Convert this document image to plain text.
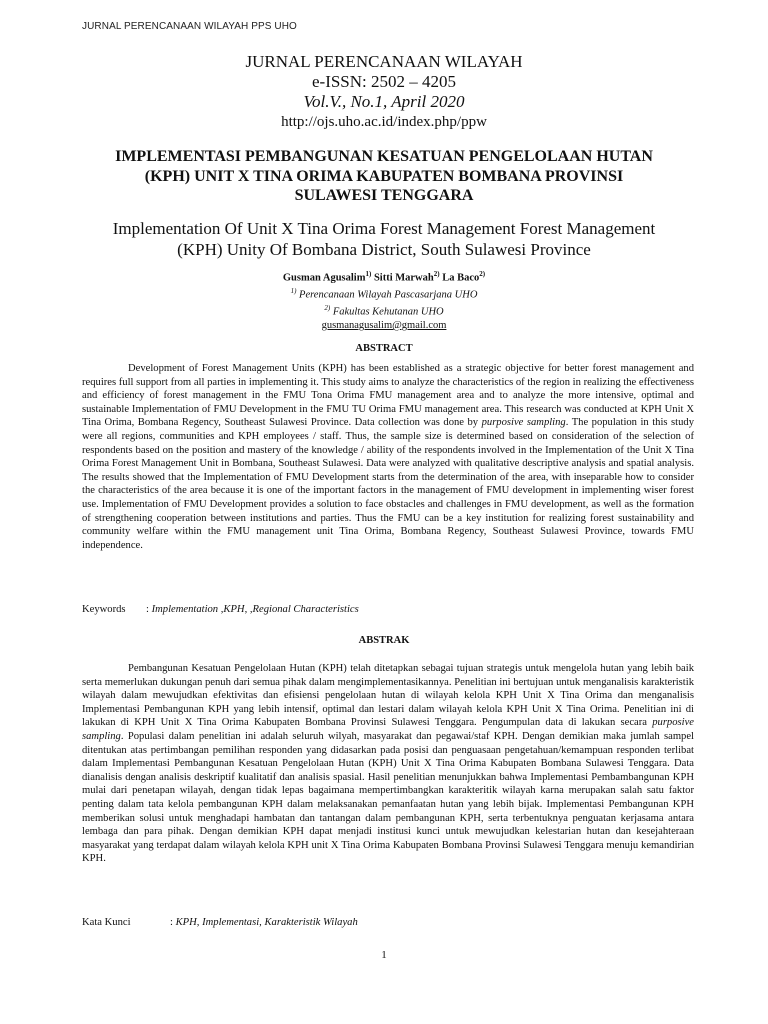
JURNAL PERENCANAAN WILAYAH PPS UHO
JURNAL PERENCANAAN WILAYAH
e-ISSN: 2502 – 4205
Vol.V., No.1, April 2020
http://ojs.uho.ac.id/index.php/ppw
IMPLEMENTASI PEMBANGUNAN KESATUAN PENGELOLAAN HUTAN
(KPH) UNIT X TINA ORIMA KABUPATEN BOMBANA PROVINSI
SULAWESI TENGGARA
Implementation Of Unit X Tina Orima Forest Management Forest Management
(KPH) Unity Of Bombana District, South Sulawesi Province
Gusman Agusalim$^{1)}$ Sitti Marwah$^{2)}$ La Baco$^{2)}$
$^{1)}$ Perencanaan Wilayah Pascasarjana UHO
$^{2)}$ Fakultas Kehutanan UHO
gusmanagusalim@gmail.com
ABSTRACT

Development of Forest Management Units (KPH) has been established as a strategic objective for better forest management and requires full support from all parties in implementing it. This study aims to analyze the characteristics of the region in realizing the effectiveness and efficiency of forest management in the FMU Tona Orima FMU management area and to analyze the more intensive, optimal and sustainable Implementation of FMU Development in the FMU TU Orima FMU management area. This research was conducted at KPH Unit X Tina Orima, Bombana Regency, Southeast Sulawesi Province. Data collection was done by purposive sampling. The population in this study were all regions, communities and KPH employees / staff. Thus, the sample size is determined based on consideration of the selection of respondents based on the position and mastery of the knowledge / ability of the respondents involved in the Implementation of the Unit X Tina Orima Forest Management Unit in Bombana, Southeast Sulawesi. Data were analyzed with qualitative descriptive analysis and spatial analysis. The results showed that the Implementation of FMU Development starts from the determination of the area, with inseparable how to consider the characteristics of the area because it is one of the important factors in the management of FMU development in implementing wiser forest use. Implementation of FMU Development provides a solution to face obstacles and challenges in FMU development, as well as the formation of strengthening cooperation between institutions and parties. Thus the FMU can be a key institution for realizing forest sustainability and community welfare within the FMU management unit Tina Orima, Bombana Regency, Southeast Sulawesi Province, towards FMU independence.

Keywords : Implementation ,KPH, ,Regional Characteristics
ABSTRAK

Pembangunan Kesatuan Pengelolaan Hutan (KPH) telah ditetapkan sebagai tujuan strategis untuk mengelola hutan yang lebih baik serta memerlukan dukungan penuh dari semua pihak dalam mengimplementasikannya. Penelitian ini bertujuan untuk menganalisis karakteristik wilayah dalam mewujudkan efektivitas dan efisiensi pengelolaan hutan di wilayah kelola KPH Unit X Tina Orima dan menganalisis Implementasi Pembangunan KPH yang lebih intensif, optimal dan lestari dalam wilayah kelola KPH Unit X Tina Orima. Penelitian ini di lakukan di KPH Unit X Tina Orima Kabupaten Bombana Provinsi Sulawesi Tenggara. Pengumpulan data di lakukan secara purposive sampling. Populasi dalam penelitian ini adalah seluruh wilyah, masyarakat dan pegawai/staf KPH. Dengan demikian maka jumlah sampel ditentukan atas pertimbangan pemilihan responden yang didasarkan pada posisi dan penguasaan pengetahuan/kemampuan responden terlibat dalam Implementasi Pembangunan Kesatuan Pengelolaan Hutan (KPH) Unit X Tina Orima Kabupaten Bombana Sulawesi Tenggara. Data dianalisis dengan analisis deskriptif kualitatif dan analisis spasial. Hasil penelitian menunjukkan bahwa Implementasi Pembambangunan KPH mulai dari penetapan wilayah, dengan tidak lepas bagaimana mempertimbangkan karakteritik wilayah karna merupakan salah satu faktor penting dalam tata kelola pembangunan KPH dalam melaksanakan pemanfaatan hutan yang lebih bijak. Implementasi Pembangunan KPH memberikan solusi untuk menghadapi hambatan dan tantangan dalam pembangunan KPH, serta terbentuknya penguatan kerjasama antara lembaga dan para pihak. Dengan demikian KPH dapat menjadi institusi kunci untuk mewujudkan kelestarian hutan dan kesejahteraan masyarakat yang terdapat dalam wilayah kelola KPH unit X Tina Orima Kabupaten Bombana Provinsi Sulawesi Tenggara menuju kemandirian KPH.

Kata Kunci	: KPH, Implementasi, Karakteristik Wilayah
1
